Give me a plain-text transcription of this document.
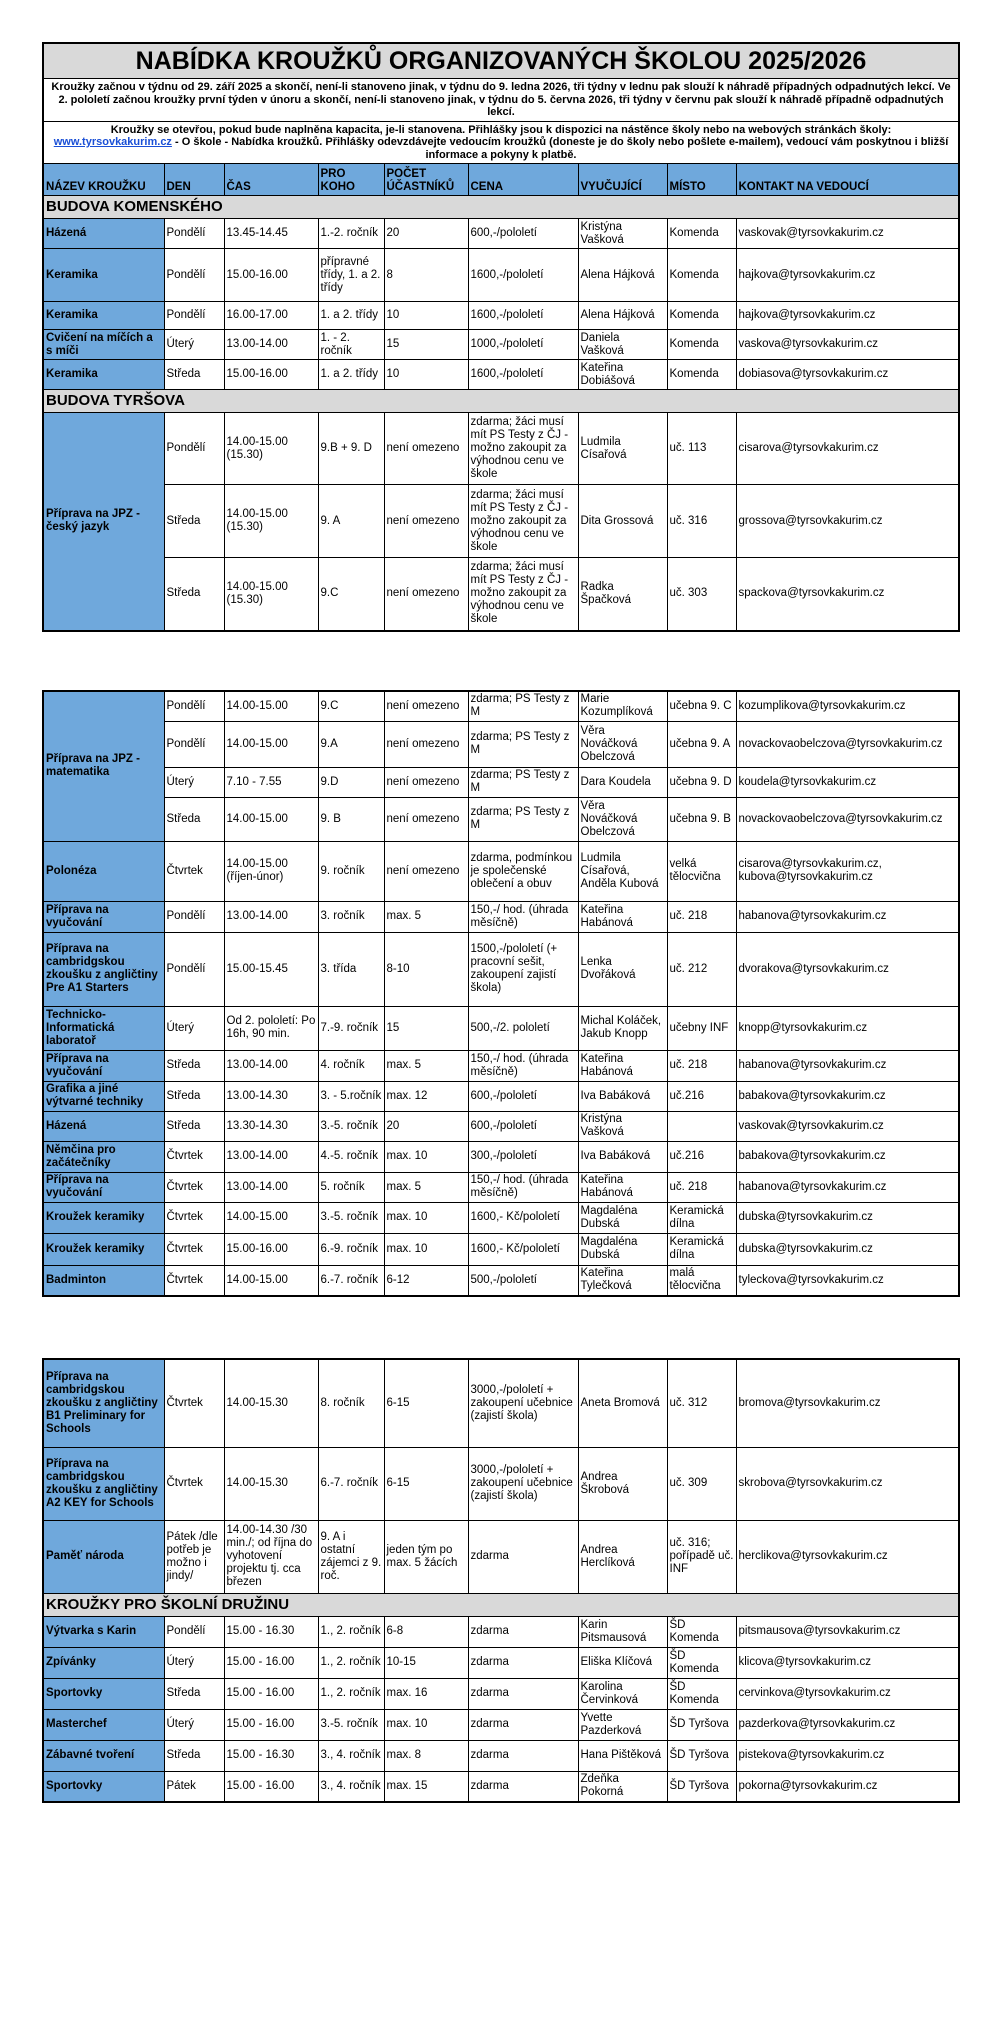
NABÍDKA KROUŽKŮ ORGANIZOVANÝCH ŠKOLOU 2025/2026								
Kroužky začnou v týdnu od 29. září 2025 a skončí, není-li stanoveno jinak, v týdnu do 9. ledna 2026, tři týdny v lednu pak slouží k náhradě případných odpadnutých lekcí. Ve 2. pololetí začnou kroužky první týden v únoru a skončí, není-li stanoveno jinak, v týdnu do 5. června 2026, tři týdny v červnu pak slouží k náhradě případně odpadnutých lekcí.								
Kroužky se otevřou, pokud bude naplněna kapacita, je-li stanovena. Přihlášky jsou k dispozici na nástěnce školy nebo na webových stránkách školy:
www.tyrsovkakurim.cz - O škole - Nabídka kroužků. Přihlášky odevzdávejte vedoucím kroužků (doneste je do školy nebo pošlete e-mailem), vedoucí vám poskytnou i bližší informace a pokyny k platbě.								
NÁZEV KROUŽKU	DEN	ČAS	PRO KOHO	POČET ÚČASTNÍKŮ	CENA	VYUČUJÍCÍ	MÍSTO	KONTAKT NA VEDOUCÍ
BUDOVA KOMENSKÉHO								
Házená	Pondělí	13.45-14.45	1.-2. ročník	20	600,-/pololetí	Kristýna Vašková	Komenda	vaskovak@tyrsovkakurim.cz
Keramika	Pondělí	15.00-16.00	přípravné třídy, 1. a 2. třídy	8	1600,-/pololetí	Alena Hájková	Komenda	hajkova@tyrsovkakurim.cz
Keramika	Pondělí	16.00-17.00	1. a 2. třídy	10	1600,-/pololetí	Alena Hájková	Komenda	hajkova@tyrsovkakurim.cz
Cvičení na míčích a s míči	Úterý	13.00-14.00	1. - 2. ročník	15	1000,-/pololetí	Daniela Vašková	Komenda	vaskova@tyrsovkakurim.cz
Keramika	Středa	15.00-16.00	1. a 2. třídy	10	1600,-/pololetí	Kateřina Dobiášová	Komenda	dobiasova@tyrsovkakurim.cz
BUDOVA TYRŠOVA								
Příprava na JPZ - český jazyk	Pondělí	14.00-15.00 (15.30)	9.B + 9. D	není omezeno	zdarma; žáci musí mít PS Testy z ČJ - možno zakoupit za výhodnou cenu ve škole	Ludmila Císařová	uč. 113	cisarova@tyrsovkakurim.cz
	Středa	14.00-15.00 (15.30)	9. A	není omezeno	zdarma; žáci musí mít PS Testy z ČJ - možno zakoupit za výhodnou cenu ve škole	Dita Grossová	uč. 316	grossova@tyrsovkakurim.cz
	Středa	14.00-15.00 (15.30)	9.C	není omezeno	zdarma; žáci musí mít PS Testy z ČJ - možno zakoupit za výhodnou cenu ve škole	Radka Špačková	uč. 303	spackova@tyrsovkakurim.cz
Příprava na JPZ - matematika	Pondělí	14.00-15.00	9.C	není omezeno	zdarma; PS Testy z M	Marie Kozumplíková	učebna 9. C	kozumplikova@tyrsovkakurim.cz
	Pondělí	14.00-15.00	9.A	není omezeno	zdarma; PS Testy z M	Věra Nováčková Obelczová	učebna 9. A	novackovaobelczova@tyrsovkakurim.cz
	Úterý	7.10 - 7.55	9.D	není omezeno	zdarma; PS Testy z M	Dara Koudela	učebna 9. D	koudela@tyrsovkakurim.cz
	Středa	14.00-15.00	9. B	není omezeno	zdarma; PS Testy z M	Věra Nováčková Obelczová	učebna 9. B	novackovaobelczova@tyrsovkakurim.cz
Polonéza	Čtvrtek	14.00-15.00 (říjen-únor)	9. ročník	není omezeno	zdarma, podmínkou je společenské oblečení a obuv	Ludmila Císařová, Anděla Kubová	velká tělocvična	cisarova@tyrsovkakurim.cz, kubova@tyrsovkakurim.cz
Příprava na vyučování	Pondělí	13.00-14.00	3. ročník	max. 5	150,-/ hod. (úhrada měsíčně)	Kateřina Habánová	uč. 218	habanova@tyrsovkakurim.cz
Příprava na cambridgskou zkoušku z angličtiny Pre A1 Starters	Pondělí	15.00-15.45	3. třída	8-10	1500,-/pololetí (+ pracovní sešit, zakoupení zajistí škola)	Lenka Dvořáková	uč. 212	dvorakova@tyrsovkakurim.cz
Technicko-Informatická laboratoř	Úterý	Od 2. pololetí: Po 16h, 90 min.	7.-9. ročník	15	500,-/2. pololetí	Michal Koláček, Jakub Knopp	učebny INF	knopp@tyrsovkakurim.cz
Příprava na vyučování	Středa	13.00-14.00	4. ročník	max. 5	150,-/ hod. (úhrada měsíčně)	Kateřina Habánová	uč. 218	habanova@tyrsovkakurim.cz
Grafika a jiné výtvarné techniky	Středa	13.00-14.30	3. - 5.ročník	max. 12	600,-/pololetí	Iva Babáková	uč.216	babakova@tyrsovkakurim.cz
Házená	Středa	13.30-14.30	3.-5. ročník	20	600,-/pololetí	Kristýna Vašková		vaskovak@tyrsovkakurim.cz
Němčina pro začátečníky	Čtvrtek	13.00-14.00	4.-5. ročník	max. 10	300,-/pololetí	Iva Babáková	uč.216	babakova@tyrsovkakurim.cz
Příprava na vyučování	Čtvrtek	13.00-14.00	5. ročník	max. 5	150,-/ hod. (úhrada měsíčně)	Kateřina Habánová	uč. 218	habanova@tyrsovkakurim.cz
Kroužek keramiky	Čtvrtek	14.00-15.00	3.-5. ročník	max. 10	1600,- Kč/pololetí	Magdaléna Dubská	Keramická dílna	dubska@tyrsovkakurim.cz
Kroužek keramiky	Čtvrtek	15.00-16.00	6.-9. ročník	max. 10	1600,- Kč/pololetí	Magdaléna Dubská	Keramická dílna	dubska@tyrsovkakurim.cz
Badminton	Čtvrtek	14.00-15.00	6.-7. ročník	6-12	500,-/pololetí	Kateřina Tylečková	malá tělocvična	tyleckova@tyrsovkakurim.cz
Příprava na cambridgskou zkoušku z angličtiny B1 Preliminary for Schools	Čtvrtek	14.00-15.30	8. ročník	6-15	3000,-/pololetí + zakoupení učebnice (zajistí škola)	Aneta Bromová	uč. 312	bromova@tyrsovkakurim.cz
Příprava na cambridgskou zkoušku z angličtiny A2 KEY for Schools	Čtvrtek	14.00-15.30	6.-7. ročník	6-15	3000,-/pololetí + zakoupení učebnice (zajistí škola)	Andrea Škrobová	uč. 309	skrobova@tyrsovkakurim.cz
Paměť národa	Pátek /dle potřeb je možno i jindy/	14.00-14.30 /30 min./; od října do vyhotovení projektu tj. cca březen	9. A i ostatní zájemci z 9. roč.	jeden tým po max. 5 žácích	zdarma	Andrea Herclíková	uč. 316; pořípadě uč. INF	herclikova@tyrsovkakurim.cz
KROUŽKY PRO ŠKOLNÍ DRUŽINU								
Výtvarka s Karin	Pondělí	15.00 - 16.30	1., 2. ročník	6-8	zdarma	Karin Pitsmausová	ŠD Komenda	pitsmausova@tyrsovkakurim.cz
Zpívánky	Úterý	15.00 - 16.00	1., 2. ročník	10-15	zdarma	Eliška Klíčová	ŠD Komenda	klicova@tyrsovkakurim.cz
Sportovky	Středa	15.00 - 16.00	1., 2. ročník	max. 16	zdarma	Karolina Červinková	ŠD Komenda	cervinkova@tyrsovkakurim.cz
Masterchef	Úterý	15.00 - 16.00	3.-5. ročník	max. 10	zdarma	Yvette Pazderková	ŠD Tyršova	pazderkova@tyrsovkakurim.cz
Zábavné tvoření	Středa	15.00 - 16.30	3., 4. ročník	max. 8	zdarma	Hana Pištěková	ŠD Tyršova	pistekova@tyrsovkakurim.cz
Sportovky	Pátek	15.00 - 16.00	3., 4. ročník	max. 15	zdarma	Zdeňka Pokorná	ŠD Tyršova	pokorna@tyrsovkakurim.cz
